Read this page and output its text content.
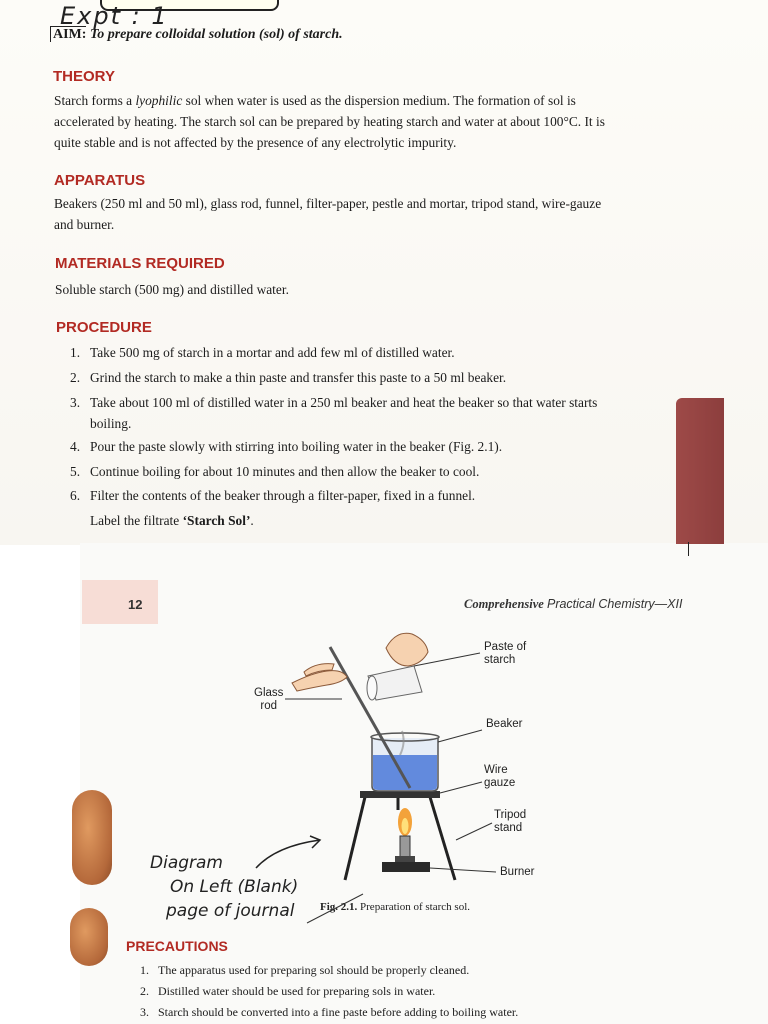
Expt : 1
AIM: To prepare colloidal solution (sol) of starch.
THEORY
Starch forms a lyophilic sol when water is used as the dispersion medium. The formation of sol is
accelerated by heating. The starch sol can be prepared by heating starch and water at about 100°C. It is
quite stable and is not affected by the presence of any electrolytic impurity.
APPARATUS
Beakers (250 ml and 50 ml), glass rod, funnel, filter-paper, pestle and mortar, tripod stand, wire-gauze
and burner.
MATERIALS REQUIRED
Soluble starch (500 mg) and distilled water.
PROCEDURE
1. Take 500 mg of starch in a mortar and add few ml of distilled water.
2. Grind the starch to make a thin paste and transfer this paste to a 50 ml beaker.
3. Take about 100 ml of distilled water in a 250 ml beaker and heat the beaker so that water starts
boiling.
4. Pour the paste slowly with stirring into boiling water in the beaker (Fig. 2.1).
5. Continue boiling for about 10 minutes and then allow the beaker to cool.
6. Filter the contents of the beaker through a filter-paper, fixed in a funnel.
Label the filtrate ‘Starch Sol’.
12	Comprehensive Practical Chemistry—XII
Paste of
starch
Glass
rod
Beaker
Wire
gauze
Tripod
stand
Burner
Fig. 2.1. Preparation of starch sol.
Diagram
On Left (Blank)
page of journal
PRECAUTIONS
1. The apparatus used for preparing sol should be properly cleaned.
2. Distilled water should be used for preparing sols in water.
3. Starch should be converted into a fine paste before adding to boiling water.
